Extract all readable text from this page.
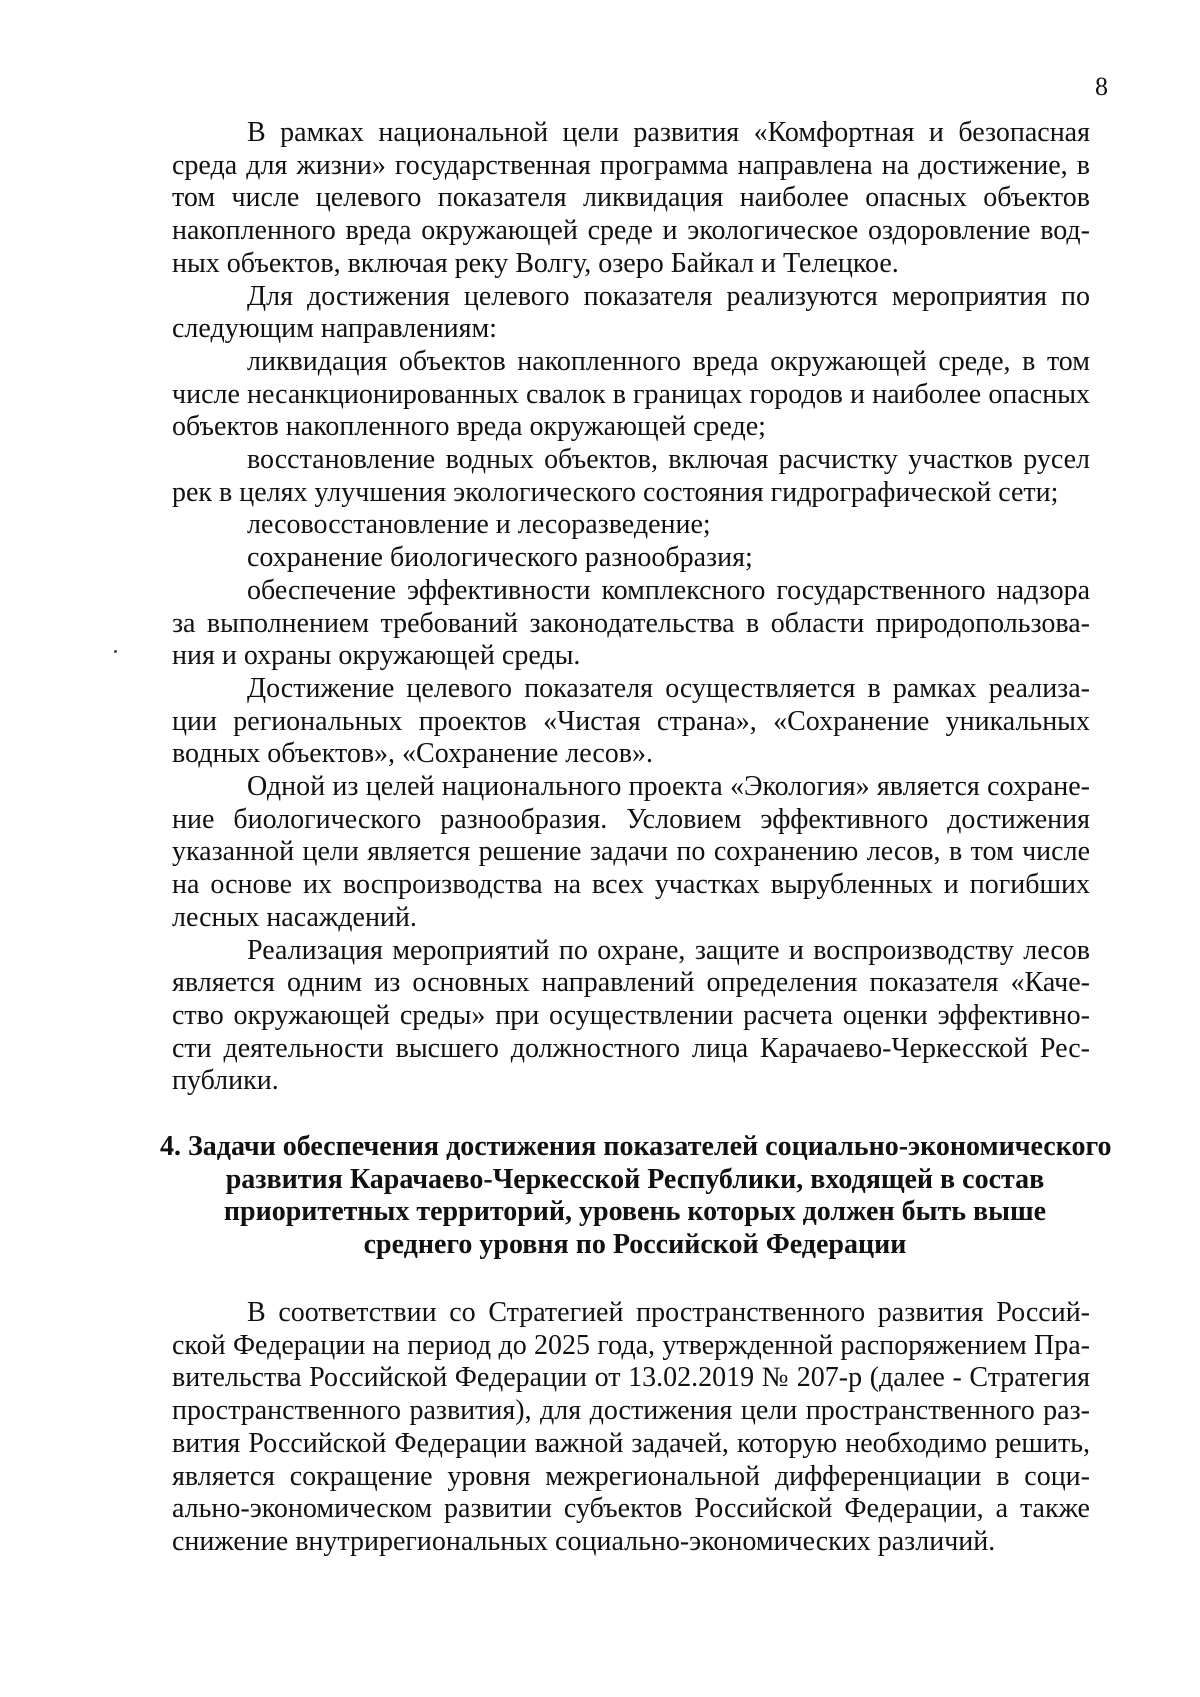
8

В рамках национальной цели развития «Комфортная и безопасная среда для жизни» государственная программа направлена на достижение, в том числе целевого показателя ликвидация наиболее опасных объектов накопленного вреда окружающей среде и экологическое оздоровление водных объектов, включая реку Волгу, озеро Байкал и Телецкое.

Для достижения целевого показателя реализуются мероприятия по следующим направлениям:

ликвидация объектов накопленного вреда окружающей среде, в том числе несанкционированных свалок в границах городов и наиболее опасных объектов накопленного вреда окружающей среде;

восстановление водных объектов, включая расчистку участков русел рек в целях улучшения экологического состояния гидрографической сети;

лесовосстановление и лесоразведение;

сохранение биологического разнообразия;

обеспечение эффективности комплексного государственного надзора за выполнением требований законодательства в области природопользования и охраны окружающей среды.

Достижение целевого показателя осуществляется в рамках реализации региональных проектов «Чистая страна», «Сохранение уникальных водных объектов», «Сохранение лесов».

Одной из целей национального проекта «Экология» является сохранение биологического разнообразия. Условием эффективного достижения указанной цели является решение задачи по сохранению лесов, в том числе на основе их воспроизводства на всех участках вырубленных и погибших лесных насаждений.

Реализация мероприятий по охране, защите и воспроизводству лесов является одним из основных направлений определения показателя «Качество окружающей среды» при осуществлении расчета оценки эффективности деятельности высшего должностного лица Карачаево-Черкесской Республики.

4. Задачи обеспечения достижения показателей социально-экономического
развития Карачаево-Черкесской Республики, входящей в состав
приоритетных территорий, уровень которых должен быть выше
среднего уровня по Российской Федерации

В соответствии со Стратегией пространственного развития Российской Федерации на период до 2025 года, утвержденной распоряжением Правительства Российской Федерации от 13.02.2019 № 207-р (далее - Стратегия пространственного развития), для достижения цели пространственного развития Российской Федерации важной задачей, которую необходимо решить, является сокращение уровня межрегиональной дифференциации в социально-экономическом развитии субъектов Российской Федерации, а также снижение внутрирегиональных социально-экономических различий.
